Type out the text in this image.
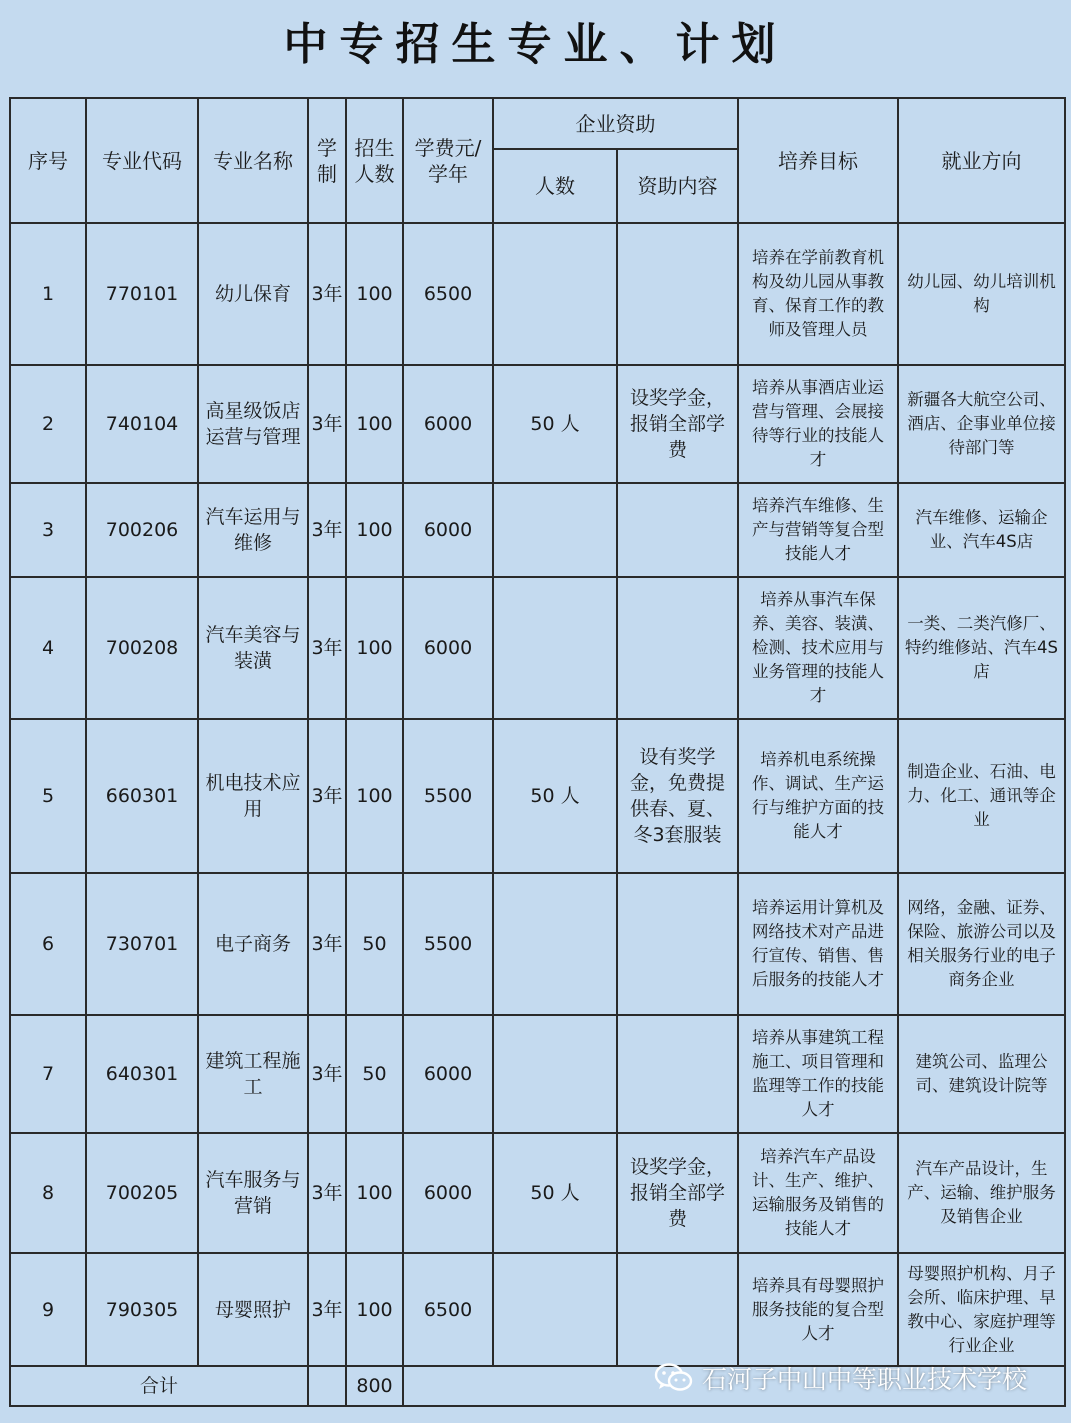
中专招生专业、计划
序号	专业代码	专业名称	学制	招生人数	学费元/学年	企业资助		培养目标	就业方向
						人数	资助内容		
1	770101	幼儿保育	3年	100	6500			培养在学前教育机构及幼儿园从事教育、保育工作的教师及管理人员	幼儿园、幼儿培训机构
2	740104	高星级饭店运营与管理	3年	100	6000	50 人	设奖学金，报销全部学费	培养从事酒店业运营与管理、会展接待等行业的技能人才	新疆各大航空公司、酒店、企事业单位接待部门等
3	700206	汽车运用与维修	3年	100	6000			培养汽车维修、生产与营销等复合型技能人才	汽车维修、运输企业、汽车4S店
4	700208	汽车美容与装潢	3年	100	6000			培养从事汽车保养、美容、装潢、检测、技术应用与业务管理的技能人才	一类、二类汽修厂、特约维修站、汽车4S店
5	660301	机电技术应用	3年	100	5500	50 人	设有奖学金，免费提供春、夏、冬3套服装	培养机电系统操作、调试、生产运行与维护方面的技能人才	制造企业、石油、电力、化工、通讯等企业
6	730701	电子商务	3年	50	5500			培养运用计算机及网络技术对产品进行宣传、销售、售后服务的技能人才	网络，金融、证券、保险、旅游公司以及相关服务行业的电子商务企业
7	640301	建筑工程施工	3年	50	6000			培养从事建筑工程施工、项目管理和监理等工作的技能人才	建筑公司、监理公司、建筑设计院等
8	700205	汽车服务与营销	3年	100	6000	50 人	设奖学金，报销全部学费	培养汽车产品设计、生产、维护、运输服务及销售的技能人才	汽车产品设计，生产、运输、维护服务及销售企业
9	790305	母婴照护	3年	100	6500			培养具有母婴照护服务技能的复合型人才	母婴照护机构、月子会所、临床护理、早教中心、家庭护理等行业企业
合计				800						石河子中山中等职业技术学校
